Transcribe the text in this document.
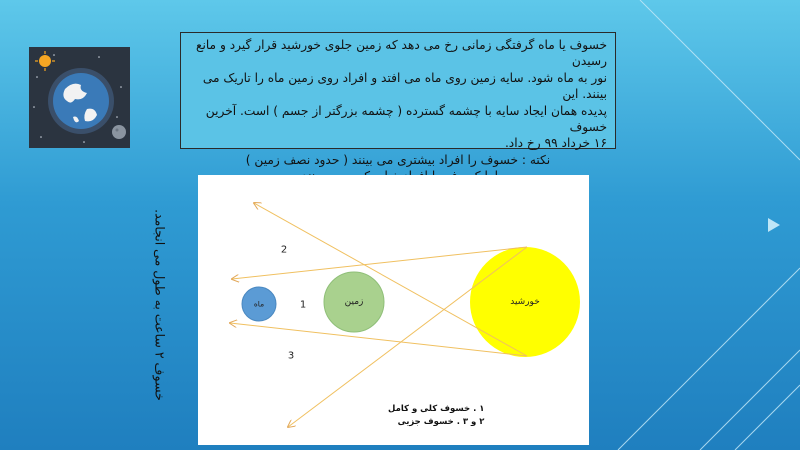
خسوف یا ماه گرفتگی زمانی رخ می دهد که زمین جلوی خورشید قرار گیرد و مانع رسیدن
نور به ماه شود. سایه زمین روی ماه می افتد و افراد روی زمین ماه را تاریک می بینند. این
پدیده همان ایجاد سایه با چشمه گسترده ( چشمه بزرگتر از جسم ) است. آخرین خسوف
۱۶ خرداد ۹۹ رخ داد.
نکته : خسوف را افراد بیشتری می بینند ( حدود نصف زمین )
خسوف ۲ ساعت به طول می انجامد.
خورشید
زمین
ماه	1
2
3
۱ . خسوف کلی و کامل
۲ و ۳ . خسوف جزیی
